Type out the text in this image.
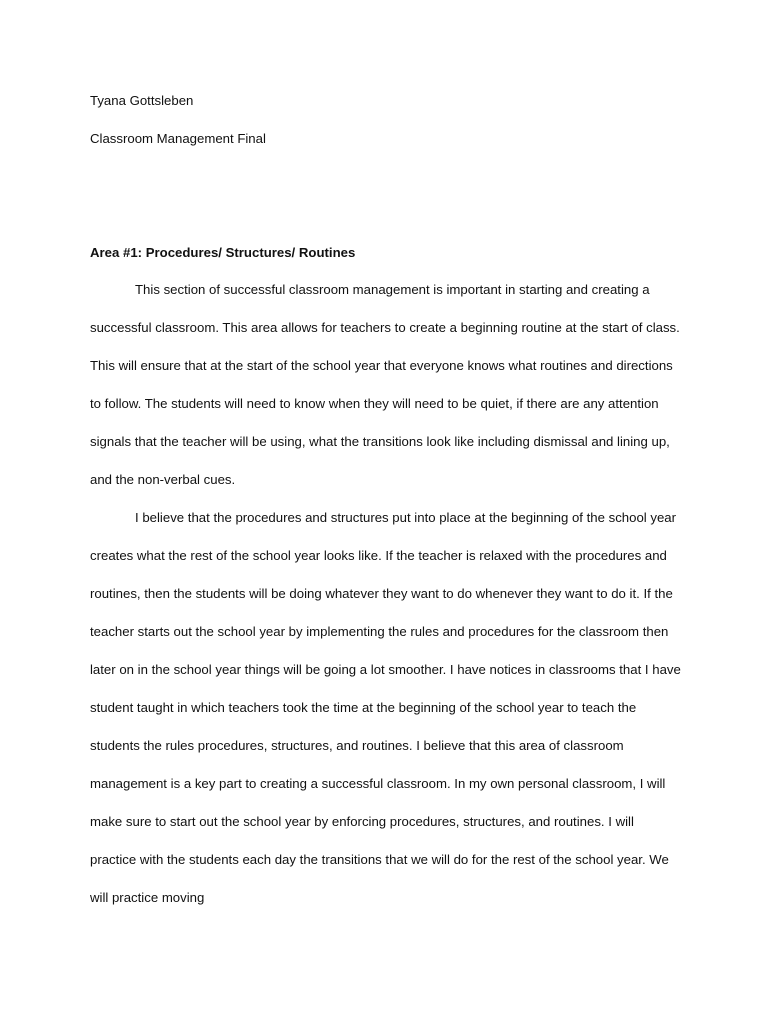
Tyana Gottsleben

Classroom Management Final

Area #1: Procedures/ Structures/ Routines

This section of successful classroom management is important in starting and creating a successful classroom. This area allows for teachers to create a beginning routine at the start of class. This will ensure that at the start of the school year that everyone knows what routines and directions to follow. The students will need to know when they will need to be quiet, if there are any attention signals that the teacher will be using, what the transitions look like including dismissal and lining up, and the non-verbal cues.

I believe that the procedures and structures put into place at the beginning of the school year creates what the rest of the school year looks like. If the teacher is relaxed with the procedures and routines, then the students will be doing whatever they want to do whenever they want to do it. If the teacher starts out the school year by implementing the rules and procedures for the classroom then later on in the school year things will be going a lot smoother. I have notices in classrooms that I have student taught in which teachers took the time at the beginning of the school year to teach the students the rules procedures, structures, and routines. I believe that this area of classroom management is a key part to creating a successful classroom. In my own personal classroom, I will make sure to start out the school year by enforcing procedures, structures, and routines. I will practice with the students each day the transitions that we will do for the rest of the school year. We will practice moving
